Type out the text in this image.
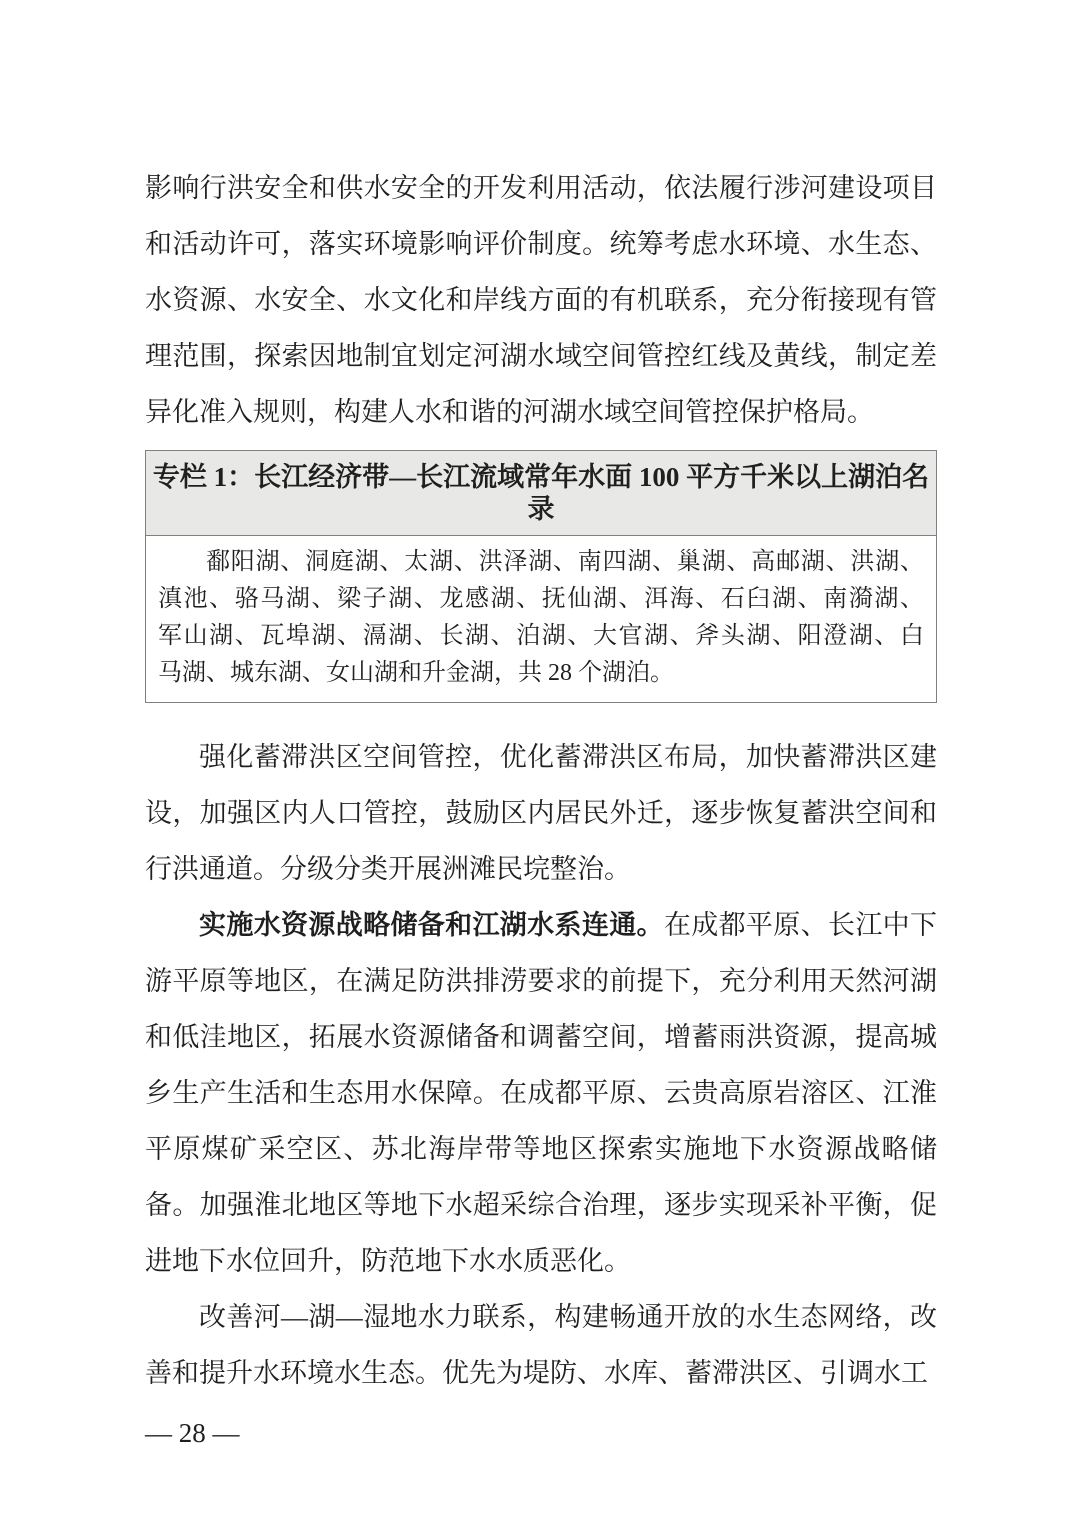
影响行洪安全和供水安全的开发利用活动，依法履行涉河建设项目和活动许可，落实环境影响评价制度。统筹考虑水环境、水生态、水资源、水安全、水文化和岸线方面的有机联系，充分衔接现有管理范围，探索因地制宜划定河湖水域空间管控红线及黄线，制定差异化准入规则，构建人水和谐的河湖水域空间管控保护格局。

专栏 1：长江经济带—长江流域常年水面 100 平方千米以上湖泊名录
鄱阳湖、洞庭湖、太湖、洪泽湖、南四湖、巢湖、高邮湖、洪湖、
滇池、骆马湖、梁子湖、龙感湖、抚仙湖、洱海、石臼湖、南漪湖、
军山湖、瓦埠湖、滆湖、长湖、泊湖、大官湖、斧头湖、阳澄湖、白
马湖、城东湖、女山湖和升金湖，共 28 个湖泊。

强化蓄滞洪区空间管控，优化蓄滞洪区布局，加快蓄滞洪区建设，加强区内人口管控，鼓励区内居民外迁，逐步恢复蓄洪空间和行洪通道。分级分类开展洲滩民垸整治。

实施水资源战略储备和江湖水系连通。在成都平原、长江中下游平原等地区，在满足防洪排涝要求的前提下，充分利用天然河湖和低洼地区，拓展水资源储备和调蓄空间，增蓄雨洪资源，提高城乡生产生活和生态用水保障。在成都平原、云贵高原岩溶区、江淮平原煤矿采空区、苏北海岸带等地区探索实施地下水资源战略储备。加强淮北地区等地下水超采综合治理，逐步实现采补平衡，促进地下水位回升，防范地下水水质恶化。

改善河—湖—湿地水力联系，构建畅通开放的水生态网络，改善和提升水环境水生态。优先为堤防、水库、蓄滞洪区、引调水工

— 28 —
